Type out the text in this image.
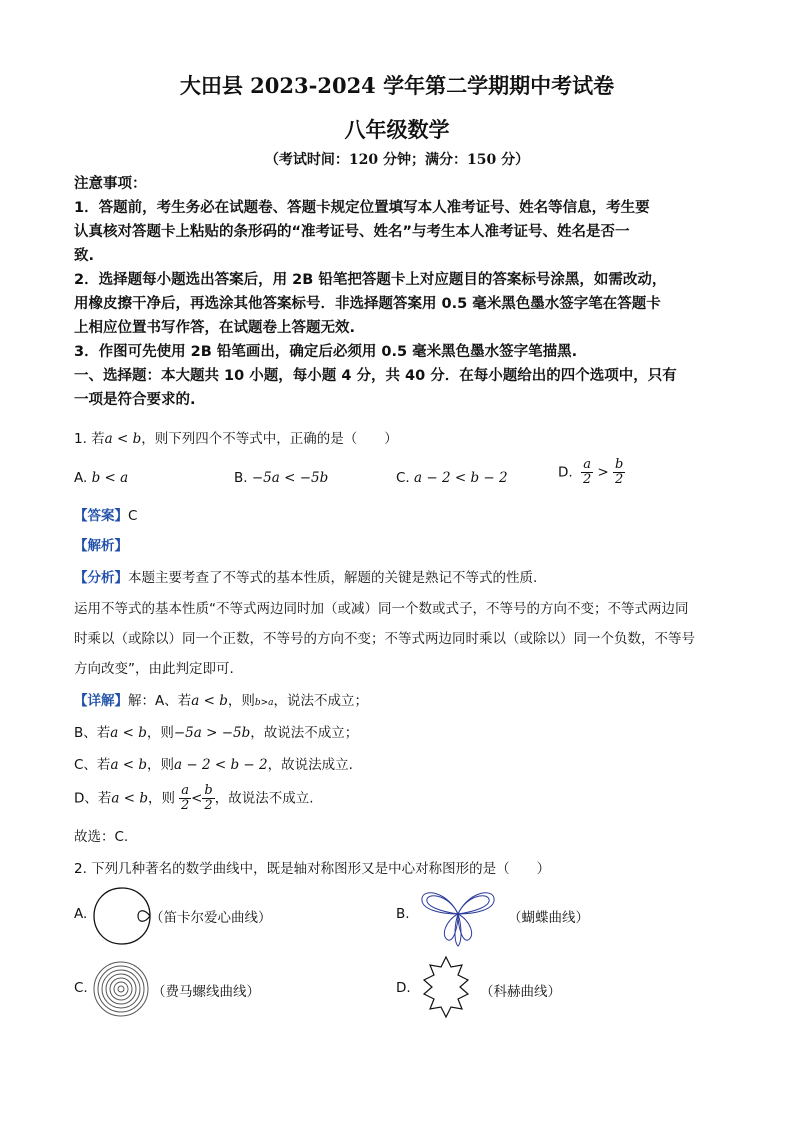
大田县 2023-2024 学年第二学期期中考试卷
八年级数学
（考试时间：120 分钟；满分：150 分）
注意事项：
1．答题前，考生务必在试题卷、答题卡规定位置填写本人准考证号、姓名等信息，考生要
认真核对答题卡上粘贴的条形码的“准考证号、姓名”与考生本人准考证号、姓名是否一
致.
2．选择题每小题选出答案后，用 2B 铅笔把答题卡上对应题目的答案标号涂黑，如需改动，
用橡皮擦干净后，再选涂其他答案标号．非选择题答案用 0.5 毫米黑色墨水签字笔在答题卡
上相应位置书写作答，在试题卷上答题无效.
3．作图可先使用 2B 铅笔画出，确定后必须用 0.5 毫米黑色墨水签字笔描黑.
一、选择题：本大题共 10 小题，每小题 4 分，共 40 分．在每小题给出的四个选项中，只有
一项是符合要求的.
1. 若a < b，则下列四个不等式中，正确的是（　　）
A. b < a	B. −5a < −5b	C. a − 2 < b − 2	D. $\frac{a}{2} > \frac{b}{2}$
【答案】C
【解析】
【分析】本题主要考查了不等式的基本性质，解题的关键是熟记不等式的性质.
运用不等式的基本性质“不等式两边同时加（或减）同一个数或式子，不等号的方向不变；不等式两边同
时乘以（或除以）同一个正数，不等号的方向不变；不等式两边同时乘以（或除以）同一个负数，不等号
方向改变”，由此判定即可.
【详解】解：A、若a < b，则b>a，说法不成立；
B、若a < b，则−5a > −5b，故说法不成立；
C、若a < b，则a − 2 < b − 2，故说法成立.
D、若a < b，则 $\frac{a}{2} < \frac{b}{2}$ ，故说法不成立.
故选：C.
2. 下列几种著名的数学曲线中，既是轴对称图形又是中心对称图形的是（　　）
A.	（笛卡尔爱心曲线）	B.	（蝴蝶曲线）
C.	（费马螺线曲线）	D.	（科赫曲线）
